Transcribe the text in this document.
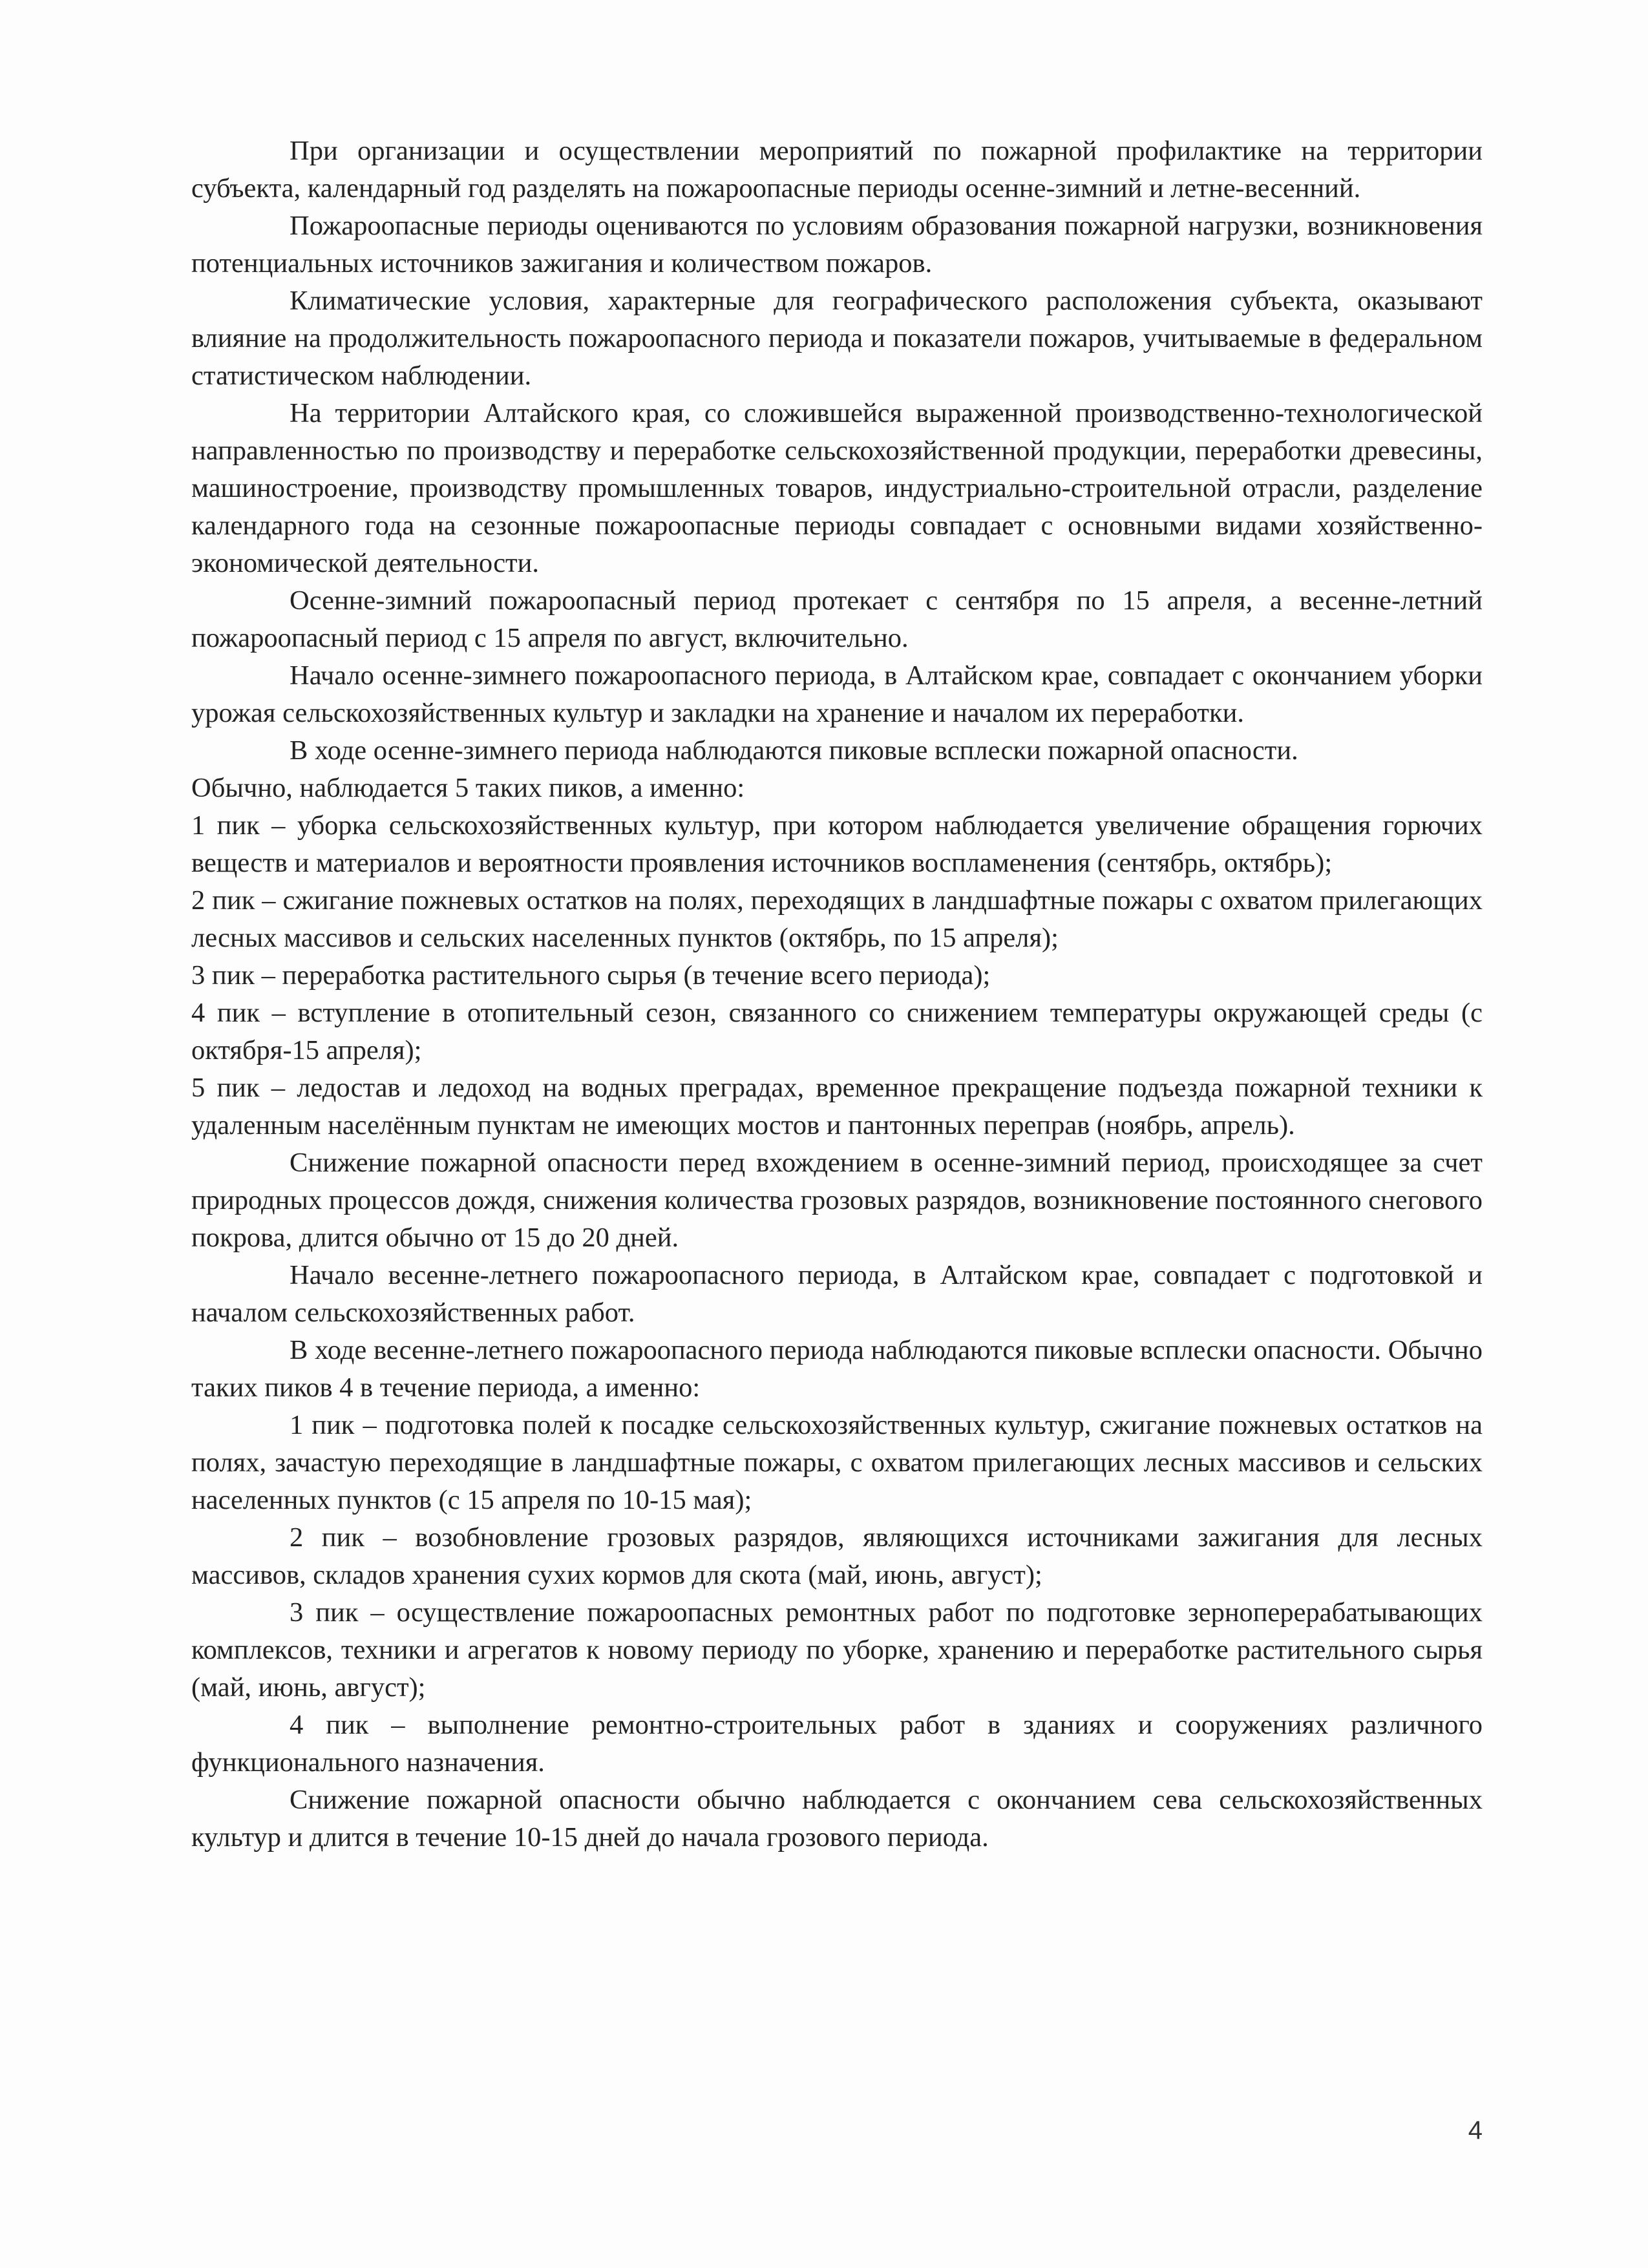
При организации и осуществлении мероприятий по пожарной профилактике на территории субъекта, календарный год разделять на пожароопасные периоды осенне-зимний и летне-весенний.

Пожароопасные периоды оцениваются по условиям образования пожарной нагрузки, возникновения потенциальных источников зажигания и количеством пожаров.

Климатические условия, характерные для географического расположения субъекта, оказывают влияние на продолжительность пожароопасного периода и показатели пожаров, учитываемые в федеральном статистическом наблюдении.

На территории Алтайского края, со сложившейся выраженной производственно-технологической направленностью по производству и переработке сельскохозяйственной продукции, переработки древесины, машиностроение, производству промышленных товаров, индустриально-строительной отрасли, разделение календарного года на сезонные пожароопасные периоды совпадает с основными видами хозяйственно-экономической деятельности.

Осенне-зимний пожароопасный период протекает с сентября по 15 апреля, а весенне-летний пожароопасный период с 15 апреля по август, включительно.

Начало осенне-зимнего пожароопасного периода, в Алтайском крае, совпадает с окончанием уборки урожая сельскохозяйственных культур и закладки на хранение и началом их переработки.

В ходе осенне-зимнего периода наблюдаются пиковые всплески пожарной опасности.

Обычно, наблюдается 5 таких пиков, а именно:

1 пик – уборка сельскохозяйственных культур, при котором наблюдается увеличение обращения горючих веществ и материалов и вероятности проявления источников воспламенения (сентябрь, октябрь);

2 пик – сжигание пожневых остатков на полях, переходящих в ландшафтные пожары с охватом прилегающих лесных массивов и сельских населенных пунктов (октябрь, по 15 апреля);

3 пик – переработка растительного сырья (в течение всего периода);

4 пик – вступление в отопительный сезон, связанного со снижением температуры окружающей среды (с октября-15 апреля);

5 пик – ледостав и ледоход на водных преградах, временное прекращение подъезда пожарной техники к удаленным населённым пунктам не имеющих мостов и пантонных переправ (ноябрь, апрель).

Снижение пожарной опасности перед вхождением в осенне-зимний период, происходящее за счет природных процессов дождя, снижения количества грозовых разрядов, возникновение постоянного снегового покрова, длится обычно от 15 до 20 дней.

Начало весенне-летнего пожароопасного периода, в Алтайском крае, совпадает с подготовкой и началом сельскохозяйственных работ.

В ходе весенне-летнего пожароопасного периода наблюдаются пиковые всплески опасности. Обычно таких пиков 4 в течение периода, а именно:

1 пик – подготовка полей к посадке сельскохозяйственных культур, сжигание пожневых остатков на полях, зачастую переходящие в ландшафтные пожары, с охватом прилегающих лесных массивов и сельских населенных пунктов (с 15 апреля по 10-15 мая);

2 пик – возобновление грозовых разрядов, являющихся источниками зажигания для лесных массивов, складов хранения сухих кормов для скота (май, июнь, август);

3 пик – осуществление пожароопасных ремонтных работ по подготовке зерноперерабатывающих комплексов, техники и агрегатов к новому периоду по уборке, хранению и переработке растительного сырья (май, июнь, август);

4 пик – выполнение ремонтно-строительных работ в зданиях и сооружениях различного функционального назначения.

Снижение пожарной опасности обычно наблюдается с окончанием сева сельскохозяйственных культур и длится в течение 10-15 дней до начала грозового периода.

4
